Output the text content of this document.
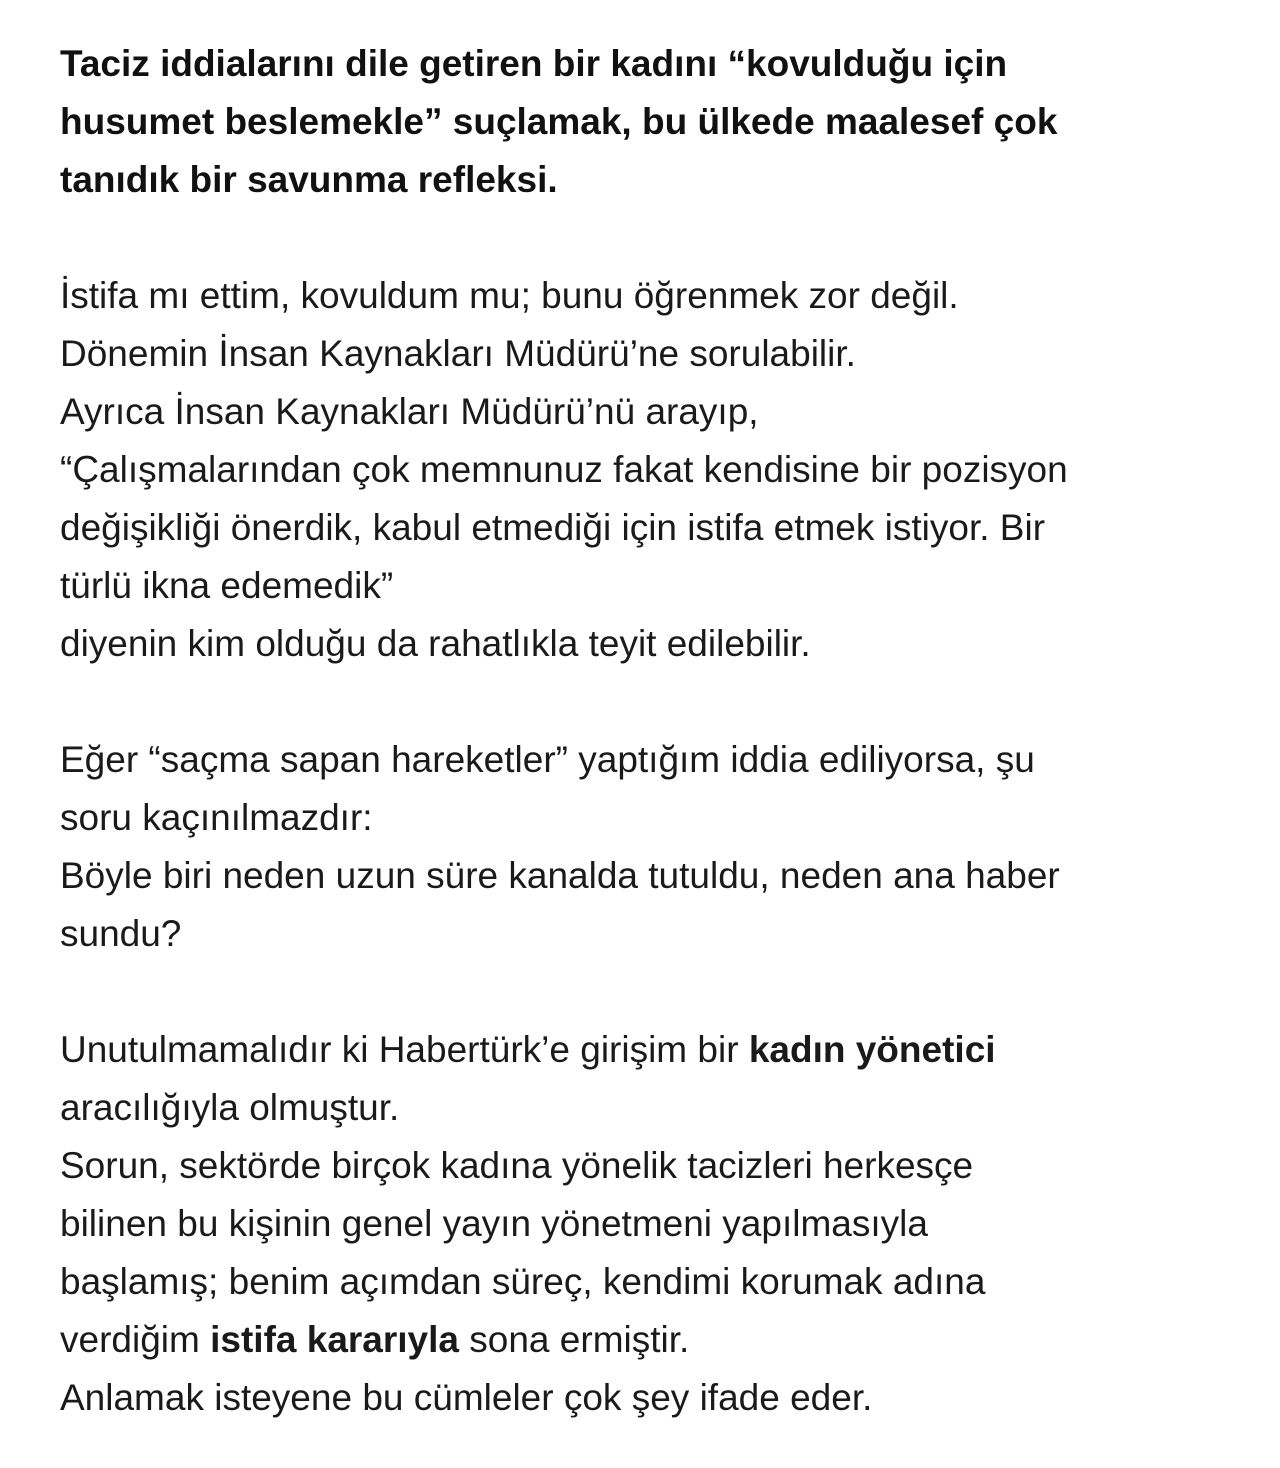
Taciz iddialarını dile getiren bir kadını “kovulduğu için
husumet beslemekle” suçlamak, bu ülkede maalesef çok
tanıdık bir savunma refleksi.
İstifa mı ettim, kovuldum mu; bunu öğrenmek zor değil.
Dönemin İnsan Kaynakları Müdürü’ne sorulabilir.
Ayrıca İnsan Kaynakları Müdürü’nü arayıp,
“Çalışmalarından çok memnunuz fakat kendisine bir pozisyon
değişikliği önerdik, kabul etmediği için istifa etmek istiyor. Bir
türlü ikna edemedik”
diyenin kim olduğu da rahatlıkla teyit edilebilir.
Eğer “saçma sapan hareketler” yaptığım iddia ediliyorsa, şu
soru kaçınılmazdır:
Böyle biri neden uzun süre kanalda tutuldu, neden ana haber
sundu?
Unutulmamalıdır ki Habertürk’e girişim bir kadın yönetici
aracılığıyla olmuştur.
Sorun, sektörde birçok kadına yönelik tacizleri herkesçe
bilinen bu kişinin genel yayın yönetmeni yapılmasıyla
başlamış; benim açımdan süreç, kendimi korumak adına
verdiğim istifa kararıyla sona ermiştir.
Anlamak isteyene bu cümleler çok şey ifade eder.
